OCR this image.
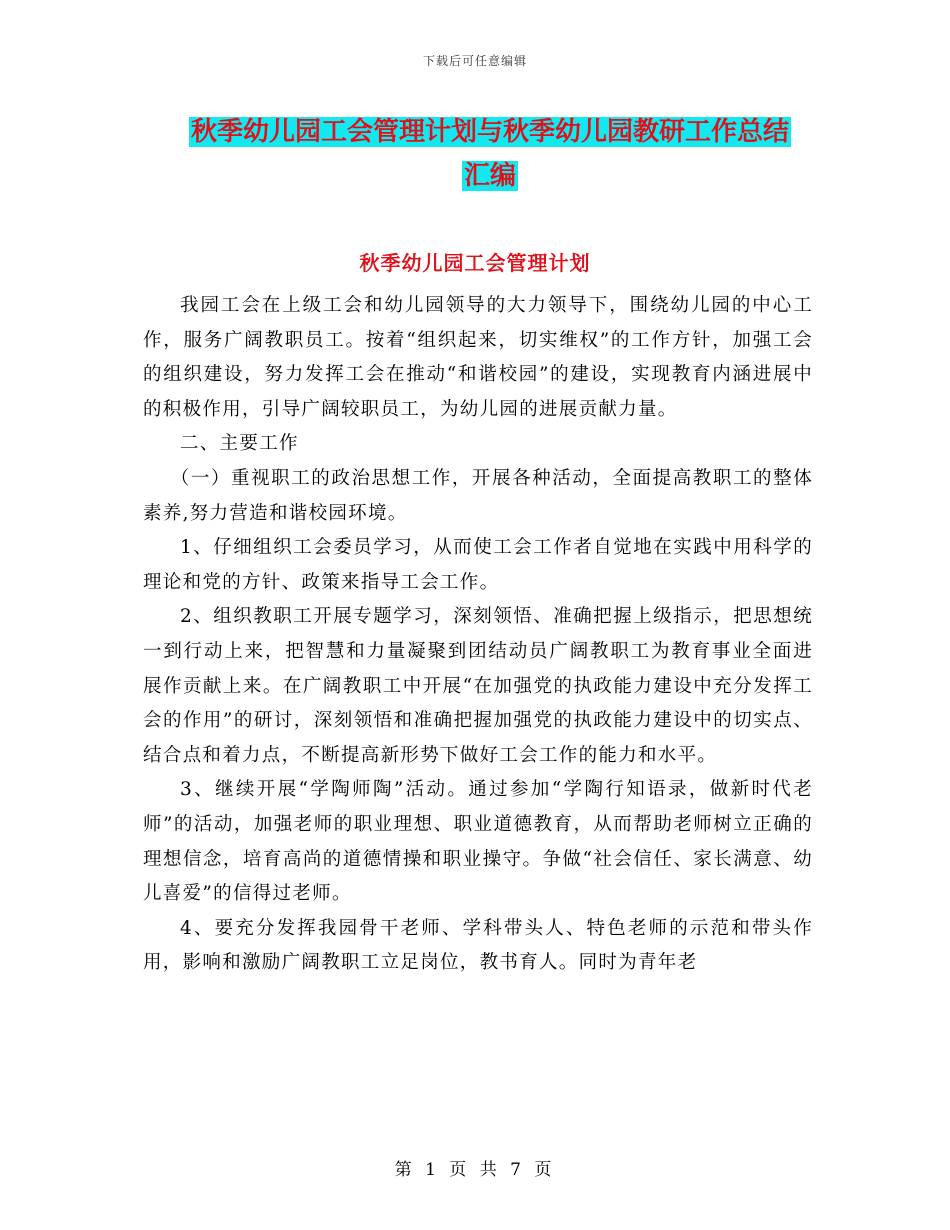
下载后可任意编辑
秋季幼儿园工会管理计划与秋季幼儿园教研工作总结
汇编
秋季幼儿园工会管理计划

我园工会在上级工会和幼儿园领导的大力领导下，围绕幼儿园的中心工作，服务广阔教职员工。按着“组织起来，切实维权”的工作方针，加强工会的组织建设，努力发挥工会在推动“和谐校园”的建设，实现教育内涵进展中的积极作用，引导广阔较职员工，为幼儿园的进展贡献力量。

二、主要工作

（一）重视职工的政治思想工作，开展各种活动，全面提高教职工的整体素养,努力营造和谐校园环境。

1、仔细组织工会委员学习，从而使工会工作者自觉地在实践中用科学的理论和党的方针、政策来指导工会工作。

2、组织教职工开展专题学习，深刻领悟、准确把握上级指示，把思想统一到行动上来，把智慧和力量凝聚到团结动员广阔教职工为教育事业全面进展作贡献上来。在广阔教职工中开展“在加强党的执政能力建设中充分发挥工会的作用”的研讨，深刻领悟和准确把握加强党的执政能力建设中的切实点、结合点和着力点，不断提高新形势下做好工会工作的能力和水平。

3、继续开展“学陶师陶”活动。通过参加“学陶行知语录，做新时代老师”的活动，加强老师的职业理想、职业道德教育，从而帮助老师树立正确的理想信念，培育高尚的道德情操和职业操守。争做“社会信任、家长满意、幼儿喜爱”的信得过老师。

4、要充分发挥我园骨干老师、学科带头人、特色老师的示范和带头作用，影响和激励广阔教职工立足岗位，教书育人。同时为青年老

第 1 页 共 7 页
